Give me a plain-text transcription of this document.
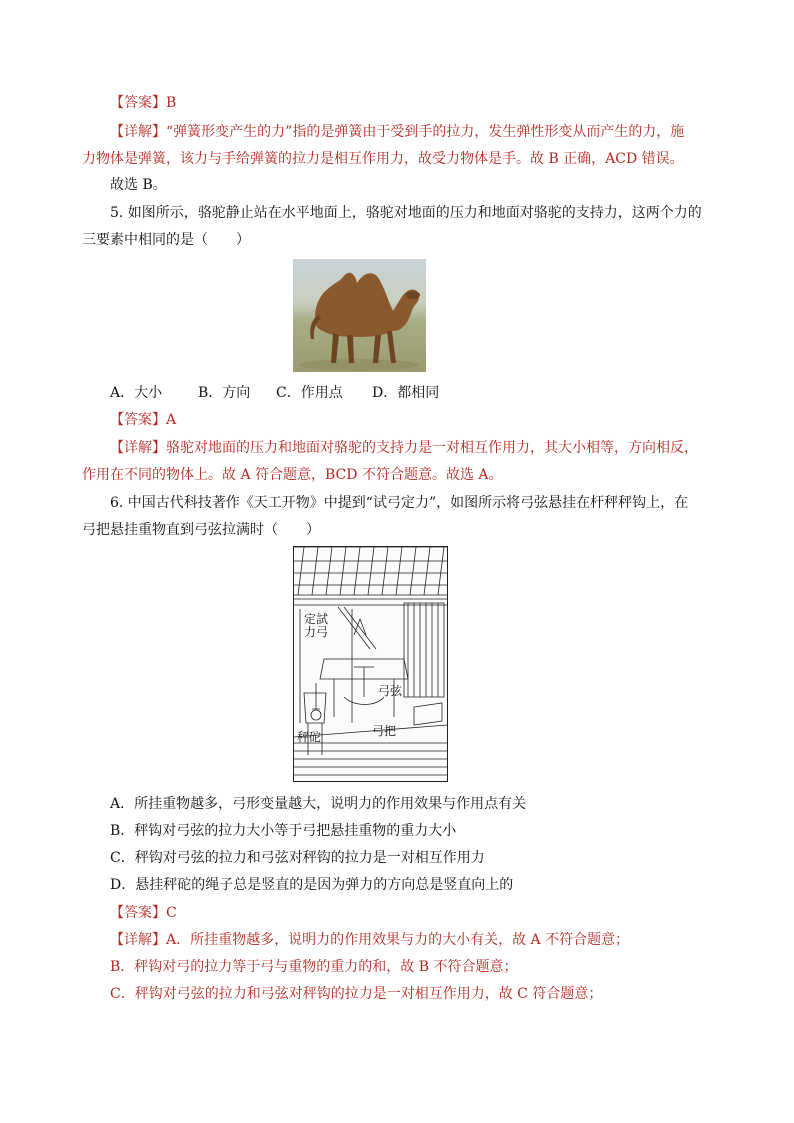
【答案】B
【详解】“弹簧形变产生的力”指的是弹簧由于受到手的拉力，发生弹性形变从而产生的力，施
力物体是弹簧，该力与手给弹簧的拉力是相互作用力，故受力物体是手。故 B 正确，ACD 错误。
故选 B。
5. 如图所示，骆驼静止站在水平地面上，骆驼对地面的压力和地面对骆驼的支持力，这两个力的
三要素中相同的是（　　）
A．大小	B．方向 C．作用点 D．都相同
【答案】A
【详解】骆驼对地面的压力和地面对骆驼的支持力是一对相互作用力，其大小相等，方向相反，
作用在不同的物体上。故 A 符合题意，BCD 不符合题意。故选 A。
6. 中国古代科技著作《天工开物》中提到“试弓定力”，如图所示将弓弦悬挂在杆秤秤钩上，在
弓把悬挂重物直到弓弦拉满时（　　）
定力
試弓
弓弦
弓把
秤砣
A．所挂重物越多，弓形变量越大，说明力的作用效果与作用点有关
B．秤钩对弓弦的拉力大小等于弓把悬挂重物的重力大小
C．秤钩对弓弦的拉力和弓弦对秤钩的拉力是一对相互作用力
D．悬挂秤砣的绳子总是竖直的是因为弹力的方向总是竖直向上的
【答案】C
【详解】A．所挂重物越多，说明力的作用效果与力的大小有关，故 A 不符合题意；
B．秤钩对弓的拉力等于弓与重物的重力的和，故 B 不符合题意；
C．秤钩对弓弦的拉力和弓弦对秤钩的拉力是一对相互作用力，故 C 符合题意；
